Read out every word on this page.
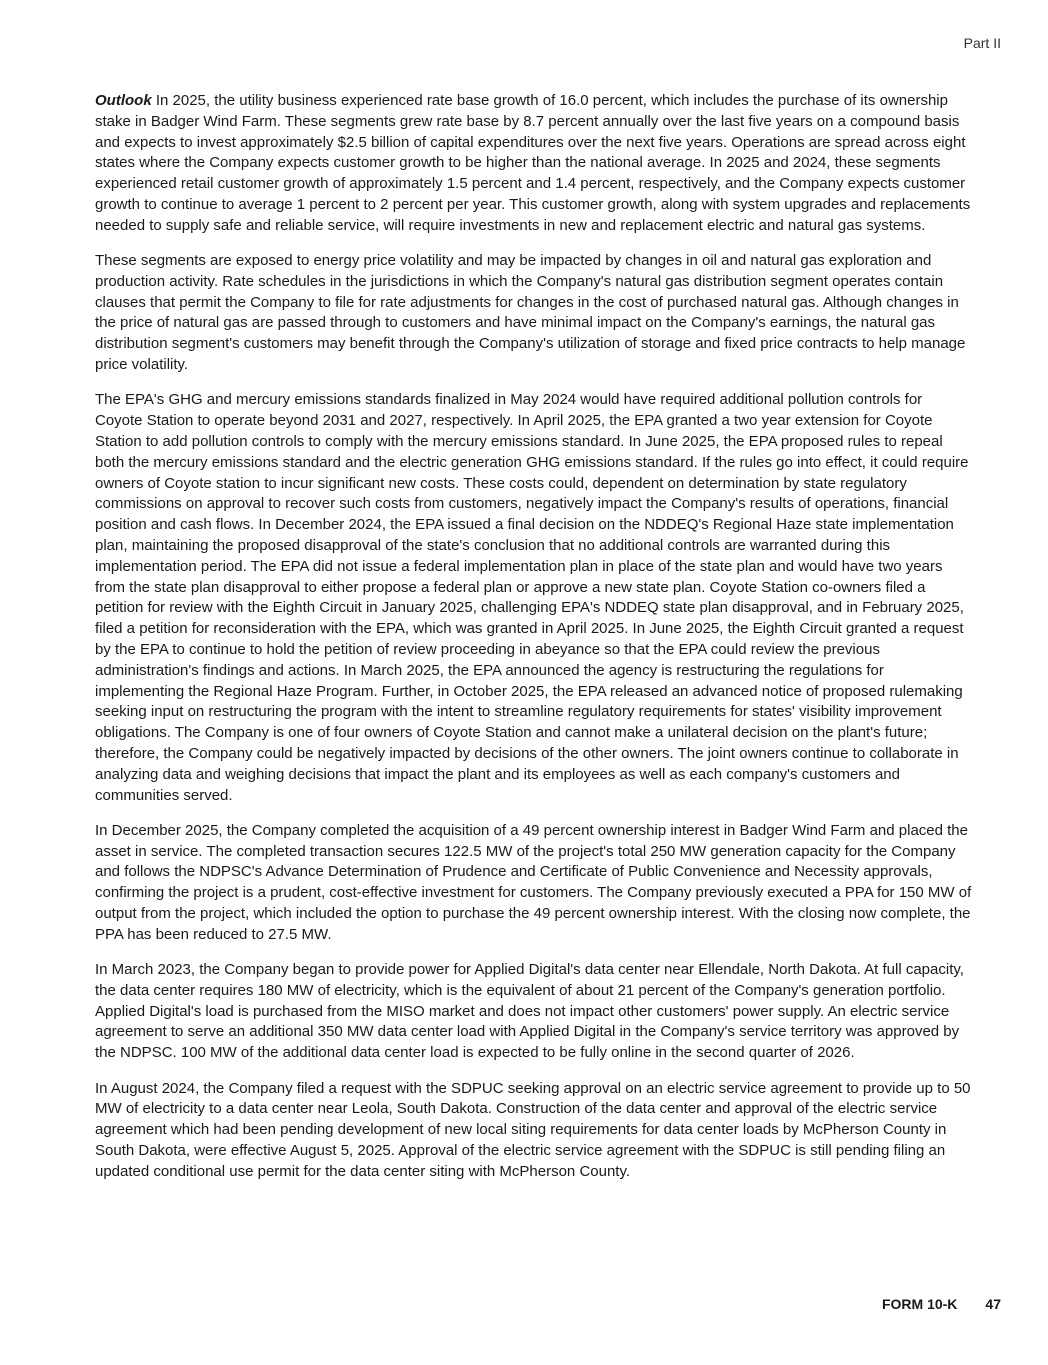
Part II

Outlook In 2025, the utility business experienced rate base growth of 16.0 percent, which includes the purchase of its ownership stake in Badger Wind Farm. These segments grew rate base by 8.7 percent annually over the last five years on a compound basis and expects to invest approximately $2.5 billion of capital expenditures over the next five years. Operations are spread across eight states where the Company expects customer growth to be higher than the national average. In 2025 and 2024, these segments experienced retail customer growth of approximately 1.5 percent and 1.4 percent, respectively, and the Company expects customer growth to continue to average 1 percent to 2 percent per year. This customer growth, along with system upgrades and replacements needed to supply safe and reliable service, will require investments in new and replacement electric and natural gas systems.

These segments are exposed to energy price volatility and may be impacted by changes in oil and natural gas exploration and production activity. Rate schedules in the jurisdictions in which the Company's natural gas distribution segment operates contain clauses that permit the Company to file for rate adjustments for changes in the cost of purchased natural gas. Although changes in the price of natural gas are passed through to customers and have minimal impact on the Company's earnings, the natural gas distribution segment's customers may benefit through the Company's utilization of storage and fixed price contracts to help manage price volatility.

The EPA's GHG and mercury emissions standards finalized in May 2024 would have required additional pollution controls for Coyote Station to operate beyond 2031 and 2027, respectively. In April 2025, the EPA granted a two year extension for Coyote Station to add pollution controls to comply with the mercury emissions standard. In June 2025, the EPA proposed rules to repeal both the mercury emissions standard and the electric generation GHG emissions standard. If the rules go into effect, it could require owners of Coyote station to incur significant new costs. These costs could, dependent on determination by state regulatory commissions on approval to recover such costs from customers, negatively impact the Company's results of operations, financial position and cash flows. In December 2024, the EPA issued a final decision on the NDDEQ's Regional Haze state implementation plan, maintaining the proposed disapproval of the state's conclusion that no additional controls are warranted during this implementation period. The EPA did not issue a federal implementation plan in place of the state plan and would have two years from the state plan disapproval to either propose a federal plan or approve a new state plan. Coyote Station co-owners filed a petition for review with the Eighth Circuit in January 2025, challenging EPA's NDDEQ state plan disapproval, and in February 2025, filed a petition for reconsideration with the EPA, which was granted in April 2025. In June 2025, the Eighth Circuit granted a request by the EPA to continue to hold the petition of review proceeding in abeyance so that the EPA could review the previous administration's findings and actions. In March 2025, the EPA announced the agency is restructuring the regulations for implementing the Regional Haze Program. Further, in October 2025, the EPA released an advanced notice of proposed rulemaking seeking input on restructuring the program with the intent to streamline regulatory requirements for states' visibility improvement obligations. The Company is one of four owners of Coyote Station and cannot make a unilateral decision on the plant's future; therefore, the Company could be negatively impacted by decisions of the other owners. The joint owners continue to collaborate in analyzing data and weighing decisions that impact the plant and its employees as well as each company's customers and communities served.

In December 2025, the Company completed the acquisition of a 49 percent ownership interest in Badger Wind Farm and placed the asset in service. The completed transaction secures 122.5 MW of the project's total 250 MW generation capacity for the Company and follows the NDPSC's Advance Determination of Prudence and Certificate of Public Convenience and Necessity approvals, confirming the project is a prudent, cost-effective investment for customers. The Company previously executed a PPA for 150 MW of output from the project, which included the option to purchase the 49 percent ownership interest. With the closing now complete, the PPA has been reduced to 27.5 MW.

In March 2023, the Company began to provide power for Applied Digital's data center near Ellendale, North Dakota. At full capacity, the data center requires 180 MW of electricity, which is the equivalent of about 21 percent of the Company's generation portfolio. Applied Digital's load is purchased from the MISO market and does not impact other customers' power supply. An electric service agreement to serve an additional 350 MW data center load with Applied Digital in the Company's service territory was approved by the NDPSC. 100 MW of the additional data center load is expected to be fully online in the second quarter of 2026.

In August 2024, the Company filed a request with the SDPUC seeking approval on an electric service agreement to provide up to 50 MW of electricity to a data center near Leola, South Dakota. Construction of the data center and approval of the electric service agreement which had been pending development of new local siting requirements for data center loads by McPherson County in South Dakota, were effective August 5, 2025. Approval of the electric service agreement with the SDPUC is still pending filing an updated conditional use permit for the data center siting with McPherson County.

FORM 10-K 47
